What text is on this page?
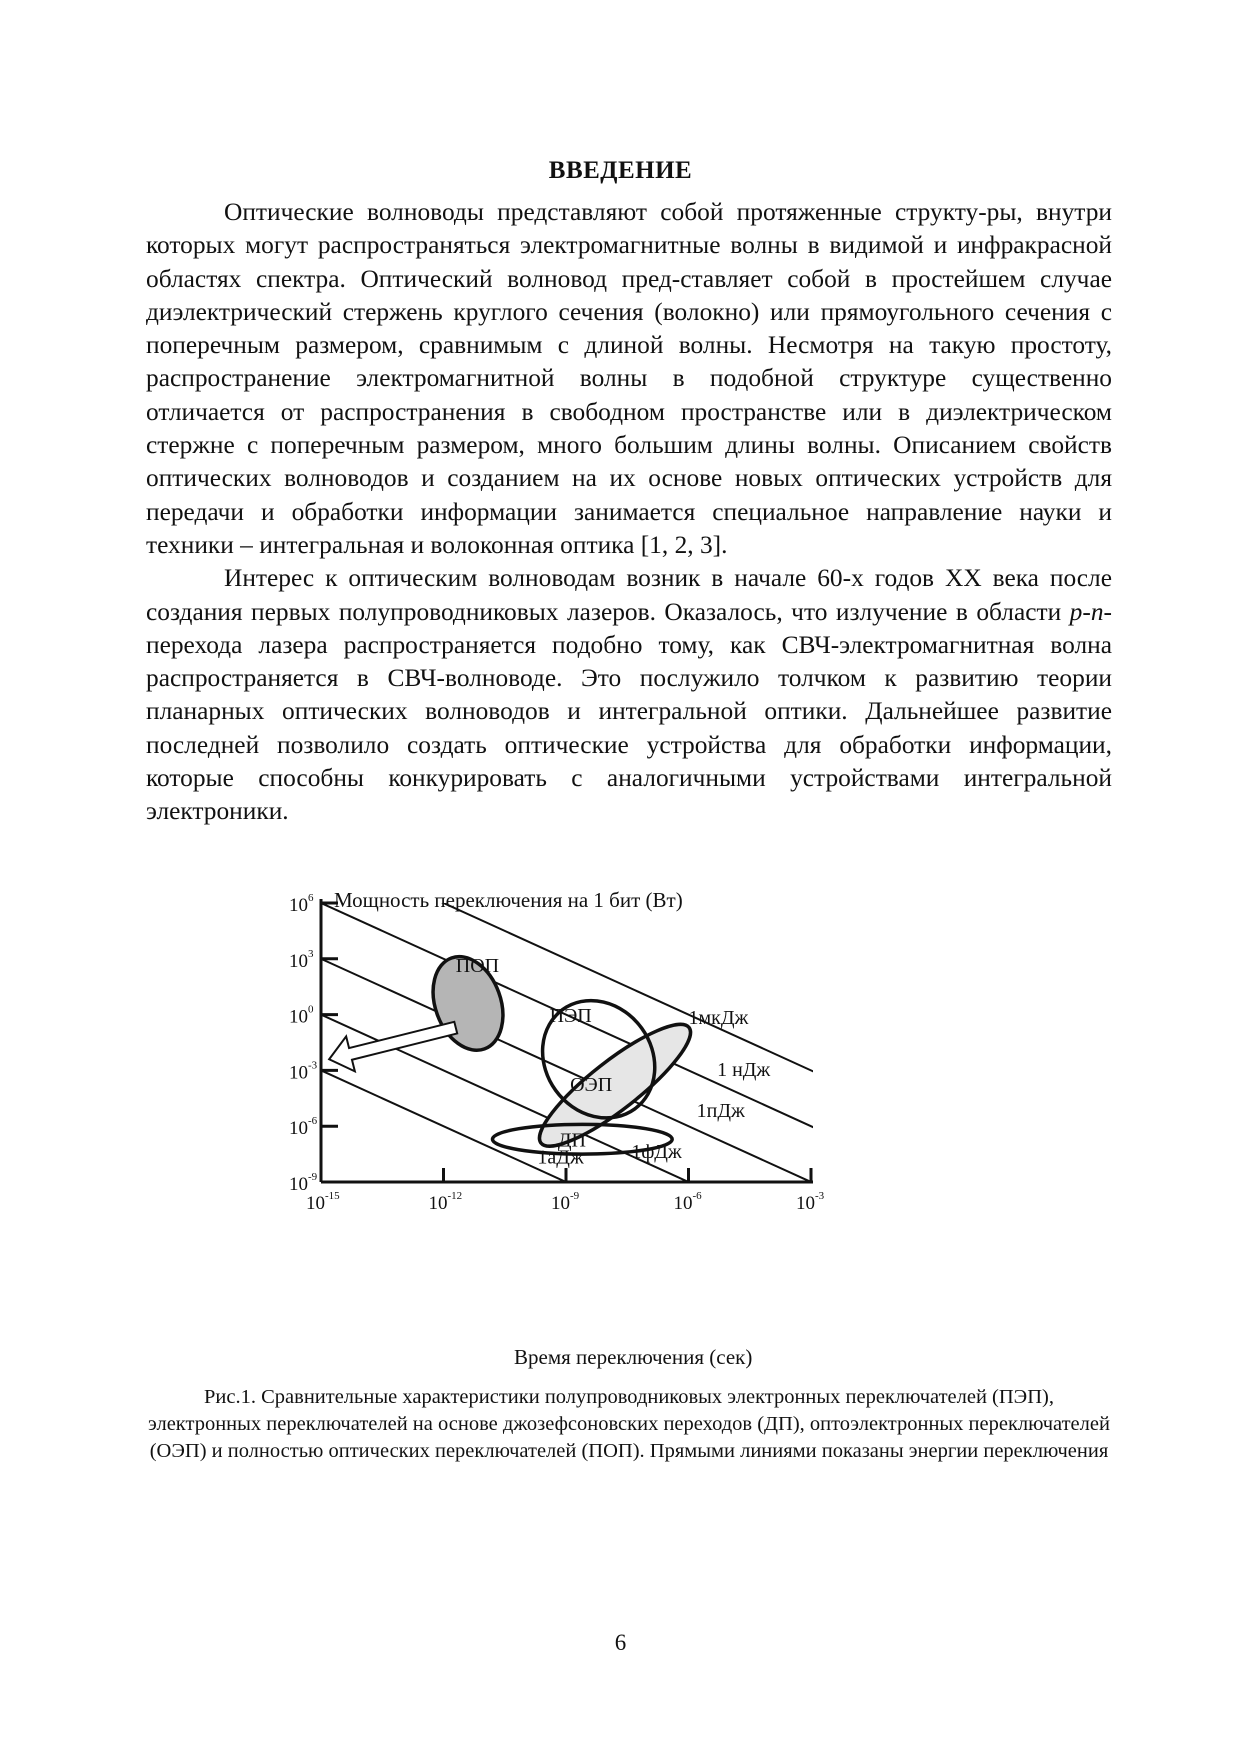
ВВЕДЕНИЕ

Оптические волноводы представляют собой протяженные структу-ры, внутри которых могут распространяться электромагнитные волны в видимой и инфракрасной областях спектра. Оптический волновод пред-ставляет собой в простейшем случае диэлектрический стержень круглого сечения (волокно) или прямоугольного сечения с поперечным размером, сравнимым с длиной волны. Несмотря на такую простоту, распространение электромагнитной волны в подобной структуре существенно отличается от распространения в свободном пространстве или в диэлектрическом стержне с поперечным размером, много большим длины волны. Описанием свойств оптических волноводов и созданием на их основе новых оптических устройств для передачи и обработки информации занимается специальное направление науки и техники – интегральная и волоконная оптика [1, 2, 3].

Интерес к оптическим волноводам возник в начале 60-х годов XX века после создания первых полупроводниковых лазеров. Оказалось, что излучение в области p-n-перехода лазера распространяется подобно тому, как СВЧ-электромагнитная волна распространяется в СВЧ-волноводе. Это послужило толчком к развитию теории планарных оптических волноводов и интегральной оптики. Дальнейшее развитие последней позволило создать оптические устройства для обработки информации, которые способны конкурировать с аналогичными устройствами интегральной электроники.

Мощность переключения на 1 бит (Вт)
Время переключения (сек)
$10^6$
$10^3$
$10^0$
$10^{-3}$
$10^{-6}$
$10^{-9}$
$10^{-15}$	$10^{-12}$	$10^{-9}$	$10^{-6}$	$10^{-3}$
1аДж 1фДж
1пДж
1 нДж
1мкДж
ПОП
ПЭП
ОЭП
ДП
Рис.1. Сравнительные характеристики полупроводниковых электронных переключателей (ПЭП), электронных переключателей на основе джозефсоновских переходов (ДП), оптоэлектронных переключателей (ОЭП) и полностью оптических переключателей (ПОП). Прямыми линиями показаны энергии переключения
6
